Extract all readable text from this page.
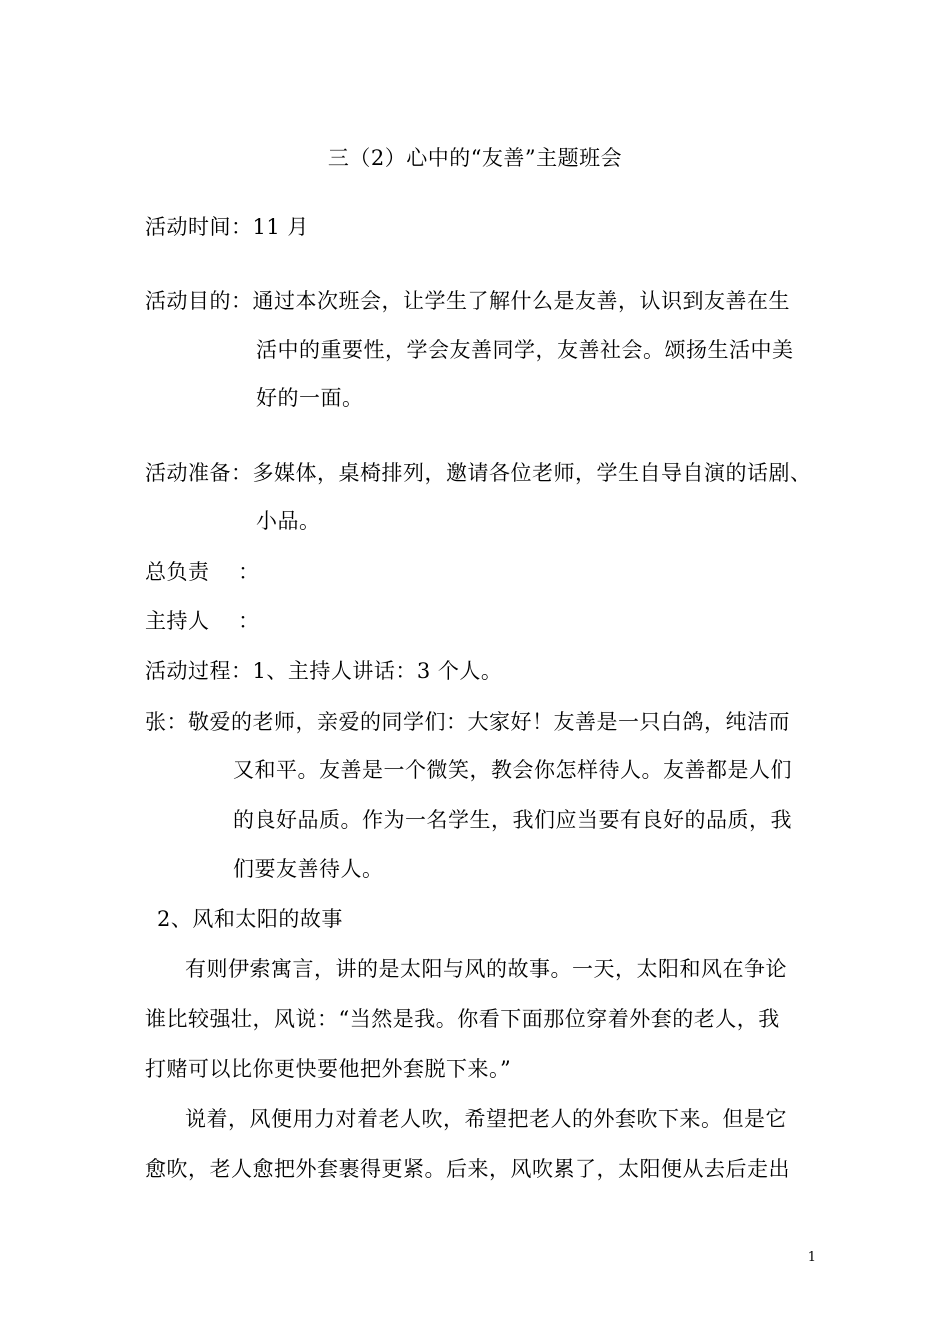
三（2）心中的“友善”主题班会
活动时间：11 月
活动目的：通过本次班会，让学生了解什么是友善，认识到友善在生
活中的重要性，学会友善同学，友善社会。颂扬生活中美
好的一面。
活动准备：多媒体，桌椅排列，邀请各位老师，学生自导自演的话剧、
小品。
总负责　 ：
主持人　 ：
活动过程：1、主持人讲话：3 个人。
张：敬爱的老师，亲爱的同学们：大家好！友善是一只白鸽，纯洁而
又和平。友善是一个微笑，教会你怎样待人。友善都是人们
的良好品质。作为一名学生，我们应当要有良好的品质，我
们要友善待人。
2、风和太阳的故事
有则伊索寓言，讲的是太阳与风的故事。一天，太阳和风在争论
谁比较强壮，风说：“当然是我。你看下面那位穿着外套的老人，我
打赌可以比你更快要他把外套脱下来。”
说着，风便用力对着老人吹，希望把老人的外套吹下来。但是它
愈吹，老人愈把外套裹得更紧。后来，风吹累了，太阳便从去后走出
1
